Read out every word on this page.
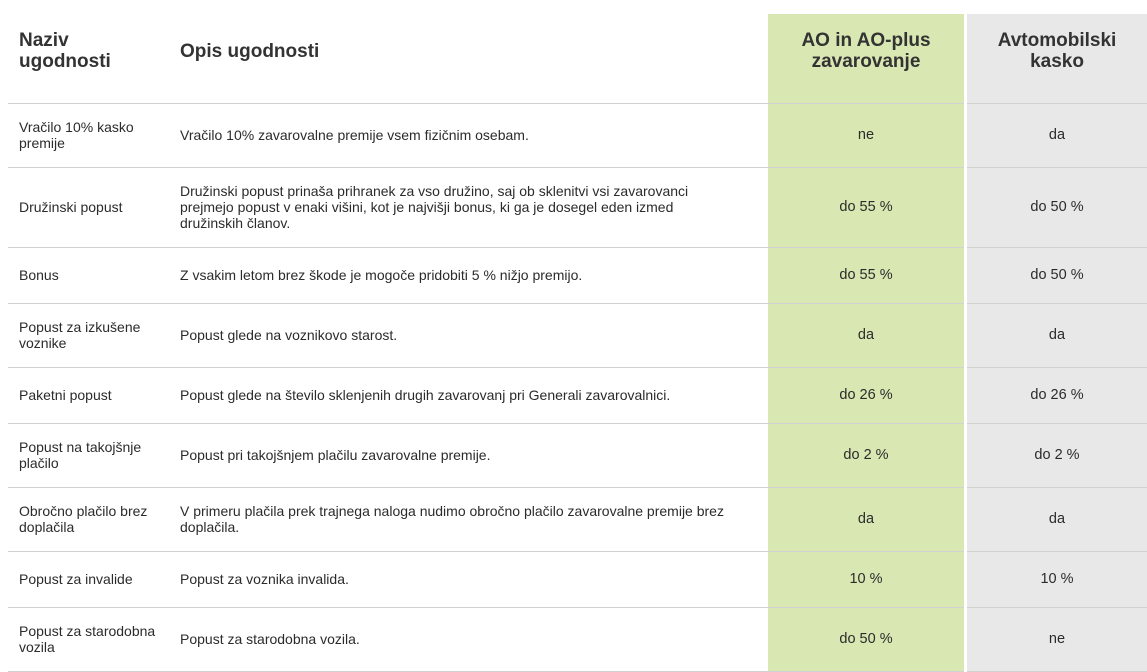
Naziv ugodnosti	Opis ugodnosti	AO in AO-plus zavarovanje		Avtomobilski kasko
Vračilo 10% kasko premije	Vračilo 10% zavarovalne premije vsem fizičnim osebam.	ne		da
Družinski popust	Družinski popust prinaša prihranek za vso družino, saj ob sklenitvi vsi zavarovanci prejmejo popust v enaki višini, kot je najvišji bonus, ki ga je dosegel eden izmed družinskih članov.	do 55 %		do 50 %
Bonus	Z vsakim letom brez škode je mogoče pridobiti 5 % nižjo premijo.	do 55 %		do 50 %
Popust za izkušene voznike	Popust glede na voznikovo starost.	da		da
Paketni popust	Popust glede na število sklenjenih drugih zavarovanj pri Generali zavarovalnici.	do 26 %		do 26 %
Popust na takojšnje plačilo	Popust pri takojšnjem plačilu zavarovalne premije.	do 2 %		do 2 %
Obročno plačilo brez doplačila	V primeru plačila prek trajnega naloga nudimo obročno plačilo zavarovalne premije brez doplačila.	da		da
Popust za invalide	Popust za voznika invalida.	10 %		10 %
Popust za starodobna vozila	Popust za starodobna vozila.	do 50 %		ne
